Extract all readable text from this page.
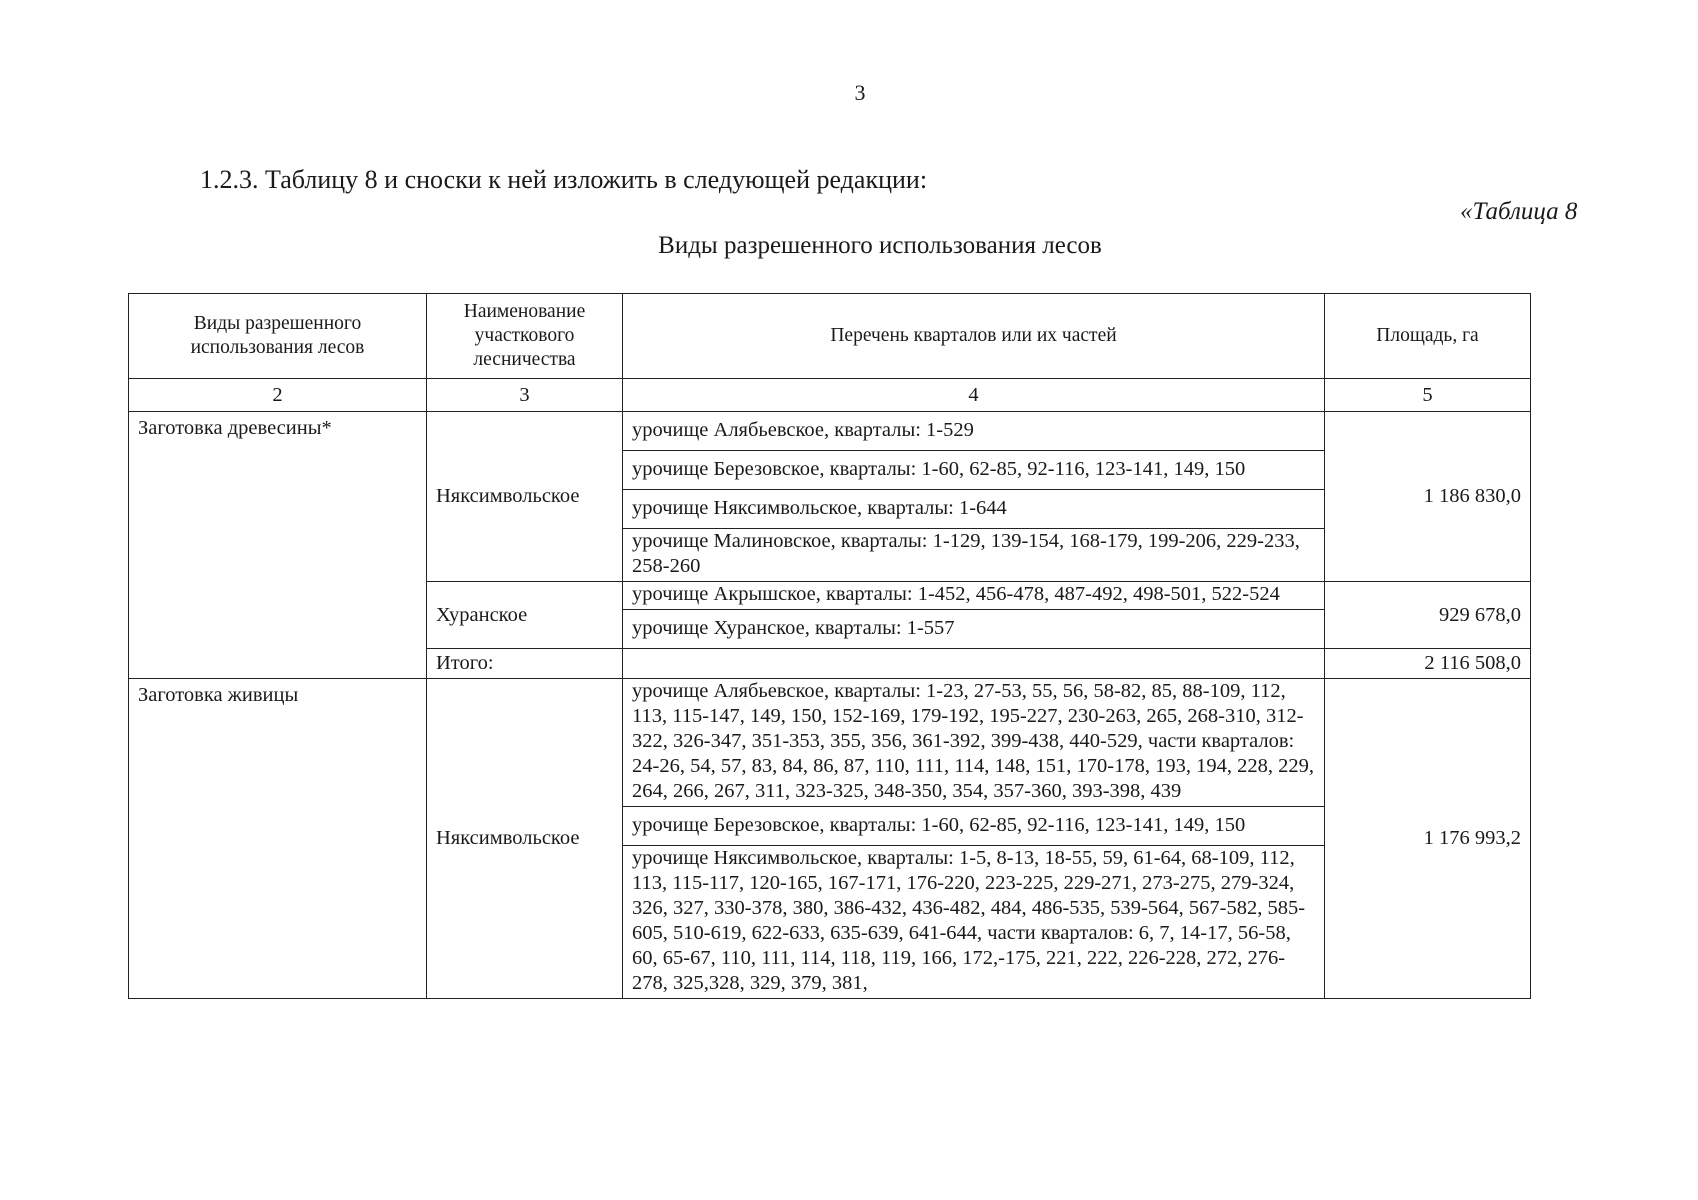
3
1.2.3. Таблицу 8 и сноски к ней изложить в следующей редакции:
«Таблица 8
Виды разрешенного использования лесов
Виды разрешенного использования лесов	Наименование участкового лесничества	Перечень кварталов или их частей	Площадь, га
2	3	4	5
Заготовка древесины*	Няксимвольское	урочище Алябьевское, кварталы: 1-529	1 186 830,0
		урочище Березовское, кварталы: 1-60, 62-85, 92-116, 123-141, 149, 150	
		урочище Няксимвольское, кварталы: 1-644	
		урочище Малиновское, кварталы: 1-129, 139-154, 168-179, 199-206, 229-233, 258-260	
	Хуранское	урочище Акрышское, кварталы: 1-452, 456-478, 487-492, 498-501, 522-524	929 678,0
		урочище Хуранское, кварталы: 1-557	
	Итого:		2 116 508,0
Заготовка живицы	Няксимвольское	урочище Алябьевское, кварталы: 1-23, 27-53, 55, 56, 58-82, 85, 88-109, 112, 113, 115-147, 149, 150, 152-169, 179-192, 195-227, 230-263, 265, 268-310, 312-322, 326-347, 351-353, 355, 356, 361-392, 399-438, 440-529, части кварталов: 24-26, 54, 57, 83, 84, 86, 87, 110, 111, 114, 148, 151, 170-178, 193, 194, 228, 229, 264, 266, 267, 311, 323-325, 348-350, 354, 357-360, 393-398, 439	1 176 993,2
		урочище Березовское, кварталы: 1-60, 62-85, 92-116, 123-141, 149, 150	
		урочище Няксимвольское, кварталы: 1-5, 8-13, 18-55, 59, 61-64, 68-109, 112, 113, 115-117, 120-165, 167-171, 176-220, 223-225, 229-271, 273-275, 279-324, 326, 327, 330-378, 380, 386-432, 436-482, 484, 486-535, 539-564, 567-582, 585-605, 510-619, 622-633, 635-639, 641-644, части кварталов: 6, 7, 14-17, 56-58, 60, 65-67, 110, 111, 114, 118, 119, 166, 172,-175, 221, 222, 226-228, 272, 276-278, 325,328, 329, 379, 381,	
